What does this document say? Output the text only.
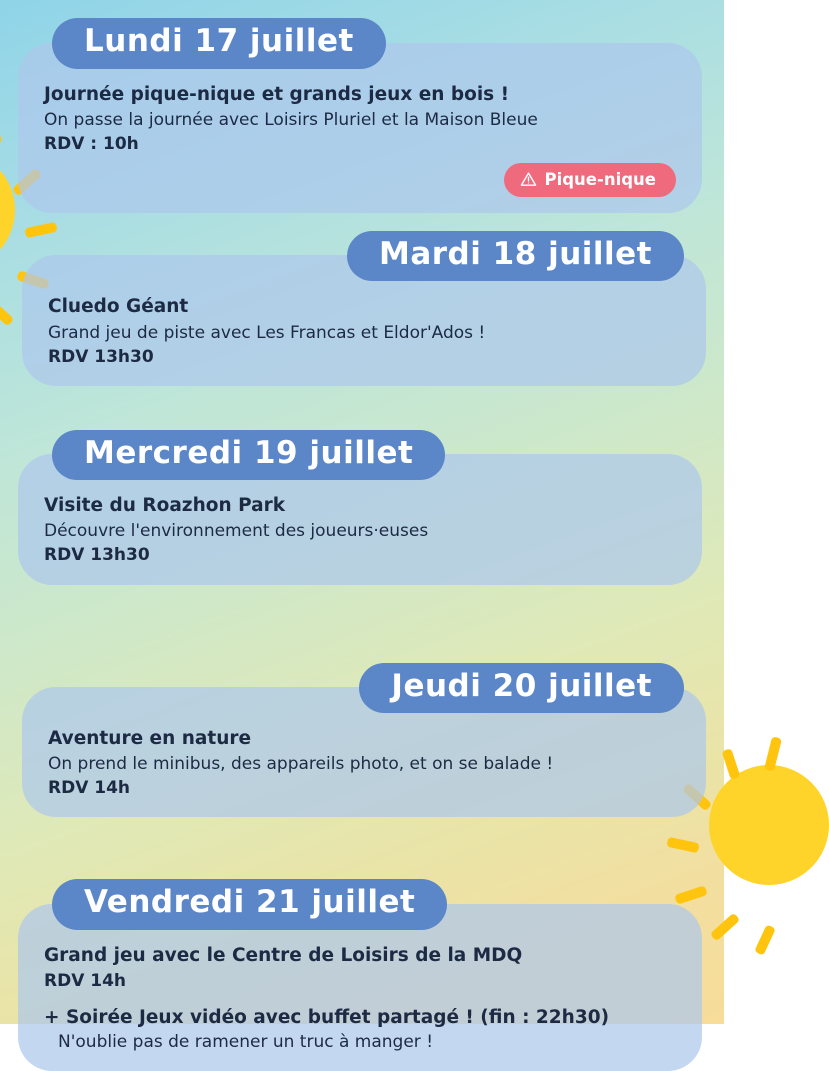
Lundi 17 juillet

Journée pique-nique et grands jeux en bois !

On passe la journée avec Loisirs Pluriel et la Maison Bleue

RDV : 10h

Pique-nique
Mardi 18 juillet

Cluedo Géant

Grand jeu de piste avec Les Francas et Eldor'Ados !

RDV 13h30

Mercredi 19 juillet

Visite du Roazhon Park

Découvre l'environnement des joueurs·euses

RDV 13h30

Jeudi 20 juillet

Aventure en nature

On prend le minibus, des appareils photo, et on se balade !

RDV 14h

Vendredi 21 juillet

Grand jeu avec le Centre de Loisirs de la MDQ

RDV 14h

+ Soirée Jeux vidéo avec buffet partagé ! (fin : 22h30)

N'oublie pas de ramener un truc à manger !
